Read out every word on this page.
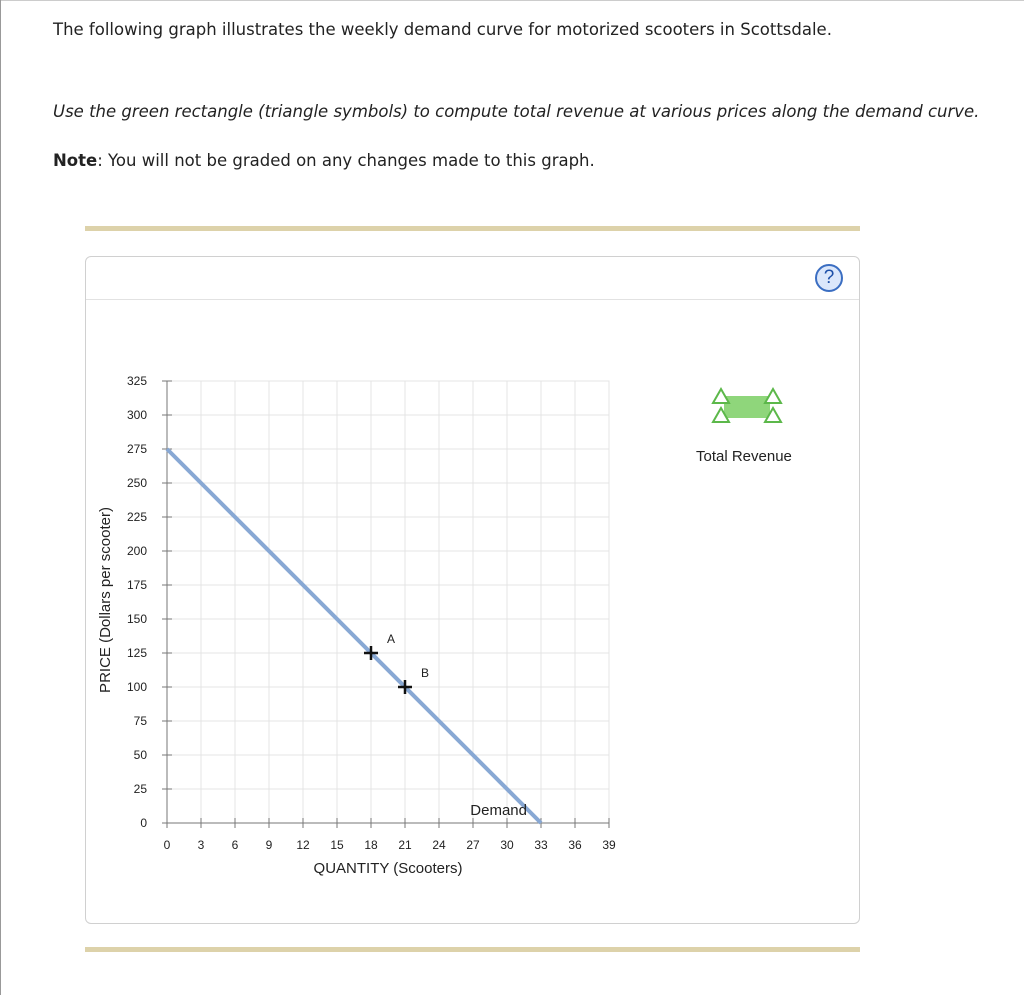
The following graph illustrates the weekly demand curve for motorized scooters in Scottsdale.
Use the green rectangle (triangle symbols) to compute total revenue at various prices along the demand curve.
Note: You will not be graded on any changes made to this graph.
?
Total Revenue
0
25
50
75
100
125
150
175
200
225
250
275
300
325
0 3 6 9 12 15 18 21 24 27 30 33 36 39
Demand
A
B
QUANTITY (Scooters)
PRICE (Dollars per scooter)
